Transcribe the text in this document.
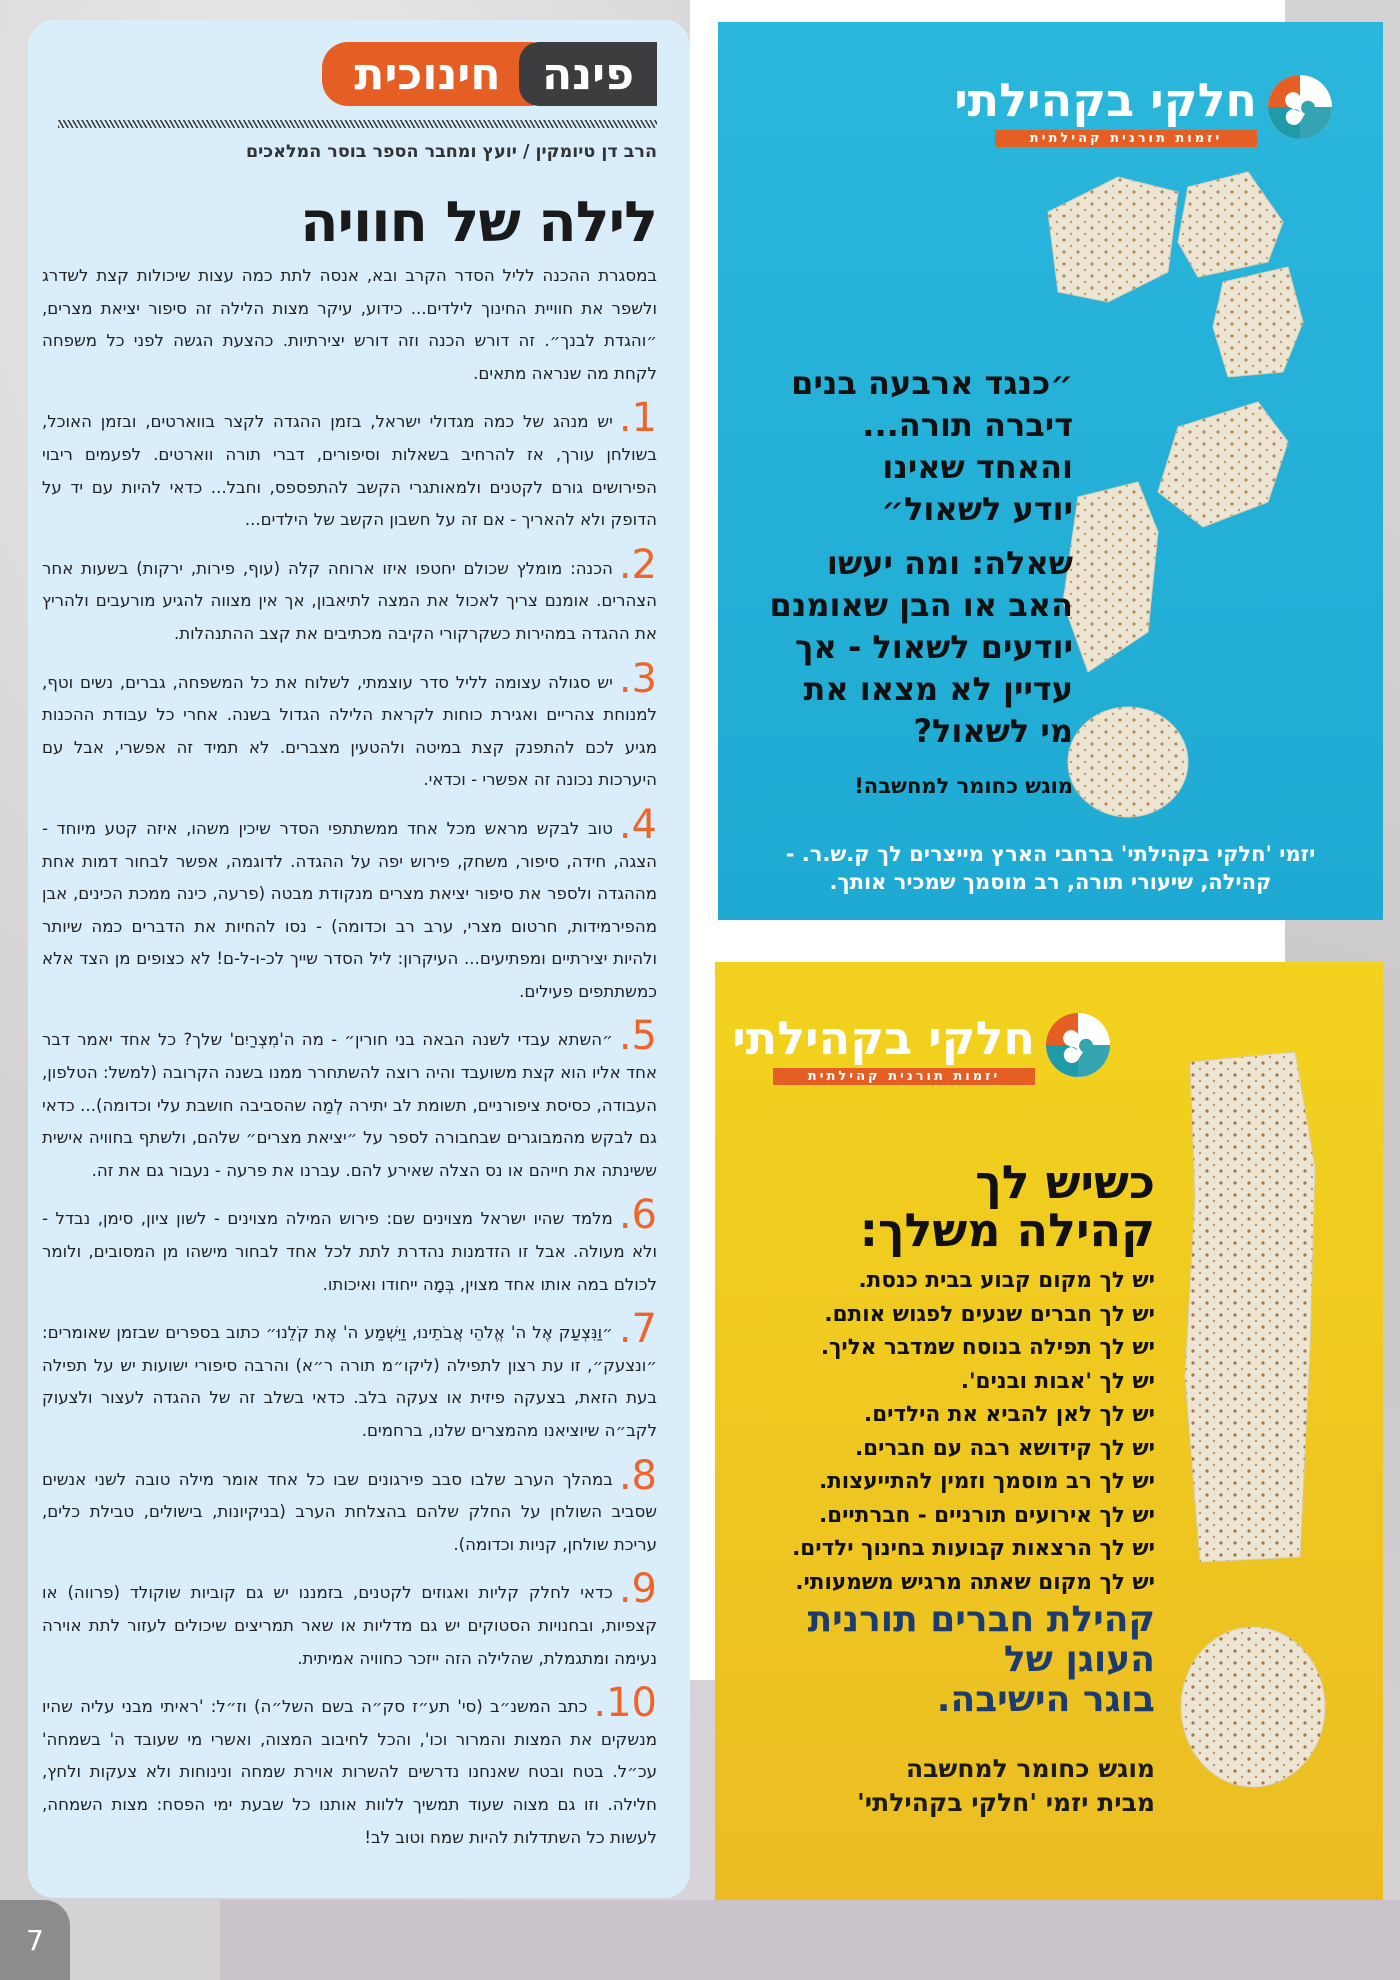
חינוכית פינה
הרב דן טיומקין / יועץ ומחבר הספר בוסר המלאכים
לילה של חוויה

במסגרת ההכנה לליל הסדר הקרב ובא, אנסה לתת כמה עצות שיכולות קצת לשדרג ולשפר את חוויית החינוך לילדים... כידוע, עיקר מצות הלילה זה סיפור יציאת מצרים, ״והגדת לבנך״. זה דורש הכנה וזה דורש יצירתיות. כהצעת הגשה לפני כל משפחה לקחת מה שנראה מתאים.

. 1יש מנהג של כמה מגדולי ישראל, בזמן ההגדה לקצר בווארטים, ובזמן האוכל, בשולחן עורך, אז להרחיב בשאלות וסיפורים, דברי תורה ווארטים. לפעמים ריבוי הפירושים גורם לקטנים ולמאותגרי הקשב להתפספס, וחבל... כדאי להיות עם יד על הדופק ולא להאריך - אם זה על חשבון הקשב של הילדים...

. 2הכנה: מומלץ שכולם יחטפו איזו ארוחה קלה (עוף, פירות, ירקות) בשעות אחר הצהרים. אומנם צריך לאכול את המצה לתיאבון, אך אין מצווה להגיע מורעבים ולהריץ את ההגדה במהירות כשקרקורי הקיבה מכתיבים את קצב ההתנהלות.

. 3יש סגולה עצומה לליל סדר עוצמתי, לשלוח את כל המשפחה, גברים, נשים וטף, למנוחת צהריים ואגירת כוחות לקראת הלילה הגדול בשנה. אחרי כל עבודת ההכנות מגיע לכם להתפנק קצת במיטה ולהטעין מצברים. לא תמיד זה אפשרי, אבל עם היערכות נכונה זה אפשרי - וכדאי.

. 4טוב לבקש מראש מכל אחד ממשתתפי הסדר שיכין משהו, איזה קטע מיוחד - הצגה, חידה, סיפור, משחק, פירוש יפה על ההגדה. לדוגמה, אפשר לבחור דמות אחת מההגדה ולספר את סיפור יציאת מצרים מנקודת מבטה (פרעה, כינה ממכת הכינים, אבן מהפירמידות, חרטום מצרי, ערב רב וכדומה) - נסו להחיות את הדברים כמה שיותר ולהיות יצירתיים ומפתיעים... העיקרון: ליל הסדר שייך לכ-ו-ל-ם! לא כצופים מן הצד אלא כמשתתפים פעילים.

. 5״השתא עבדי לשנה הבאה בני חורין״ - מה ה'מִצְרַיִם' שלך? כל אחד יאמר דבר אחד אליו הוא קצת משועבד והיה רוצה להשתחרר ממנו בשנה הקרובה (למשל: הטלפון, העבודה, כסיסת ציפורניים, תשומת לב יתירה לְמַה שהסביבה חושבת עלי וכדומה)... כדאי גם לבקש מהמבוגרים שבחבורה לספר על ״יציאת מצרים״ שלהם, ולשתף בחוויה אישית ששינתה את חייהם או נס הצלה שאירע להם. עברנו את פרעה - נעבור גם את זה.

. 6מלמד שהיו ישראל מצוינים שם: פירוש המילה מצוינים - לשון ציון, סימן, נבדל - ולא מעולה. אבל זו הזדמנות נהדרת לתת לכל אחד לבחור מישהו מן המסובים, ולומר לכולם במה אותו אחד מצוין, בְּמָה ייחודו ואיכותו.

. 7״וַנִּצְעַק אֶל ה' אֱלֹהֵי אֲבֹתֵינוּ, וַיִּשְׁמַע ה' אֶת קֹלֵנוּ״ כתוב בספרים שבזמן שאומרים: ״ונצעק״, זו עת רצון לתפילה (ליקו״מ תורה ר״א) והרבה סיפורי ישועות יש על תפילה בעת הזאת, בצעקה פיזית או צעקה בלב. כדאי בשלב זה של ההגדה לעצור ולצעוק לקב״ה שיוציאנו מהמצרים שלנו, ברחמים.

. 8במהלך הערב שלבו סבב פירגונים שבו כל אחד אומר מילה טובה לשני אנשים שסביב השולחן על החלק שלהם בהצלחת הערב (בניקיונות, בישולים, טבילת כלים, עריכת שולחן, קניות וכדומה).

. 9כדאי לחלק קליות ואגוזים לקטנים, בזמננו יש גם קוביות שוקולד (פרווה) או קצפיות, ובחנויות הסטוקים יש גם מדליות או שאר תמריצים שיכולים לעזור לתת אוירה נעימה ומתגמלת, שהלילה הזה ייזכר כחוויה אמיתית.

. 10כתב המשנ״ב (סי' תע״ז סק״ה בשם השל״ה) וז״ל: 'ראיתי מבני עליה שהיו מנשקים את המצות והמרור וכו', והכל לחיבוב המצוה, ואשרי מי שעובד ה' בשמחה' עכ״ל. בטח ובטח שאנחנו נדרשים להשרות אוירת שמחה ונינוחות ולא צעקות ולחץ, חלילה. וזו גם מצוה שעוד תמשיך ללוות אותנו כל שבעת ימי הפסח: מצות השמחה, לעשות כל השתדלות להיות שמח וטוב לב!

חלקי בקהילתי
יזמות תורנית קהילתית
״כנגד ארבעה בנים
דיברה תורה...
והאחד שאינו
יודע לשאול״
שאלה: ומה יעשו
האב או הבן שאומנם
יודעים לשאול - אך
עדיין לא מצאו את
מי לשאול?
מוגש כחומר למחשבה!
יזמי 'חלקי בקהילתי' ברחבי הארץ מייצרים לך ק.ש.ר. -
קהילה, שיעורי תורה, רב מוסמך שמכיר אותך.
חלקי בקהילתי
יזמות תורנית קהילתית
כשיש לך
קהילה משלך:
יש לך מקום קבוע בבית כנסת.
יש לך חברים שנעים לפגוש אותם.
יש לך תפילה בנוסח שמדבר אליך.
יש לך 'אבות ובנים'.
יש לך לאן להביא את הילדים.
יש לך קידושא רבה עם חברים.
יש לך רב מוסמך וזמין להתייעצות.
יש לך אירועים תורניים - חברתיים.
יש לך הרצאות קבועות בחינוך ילדים.
יש לך מקום שאתה מרגיש משמעותי.
קהילת חברים תורנית
העוגן של
בוגר הישיבה.
מוגש כחומר למחשבה
מבית יזמי 'חלקי בקהילתי'
7
